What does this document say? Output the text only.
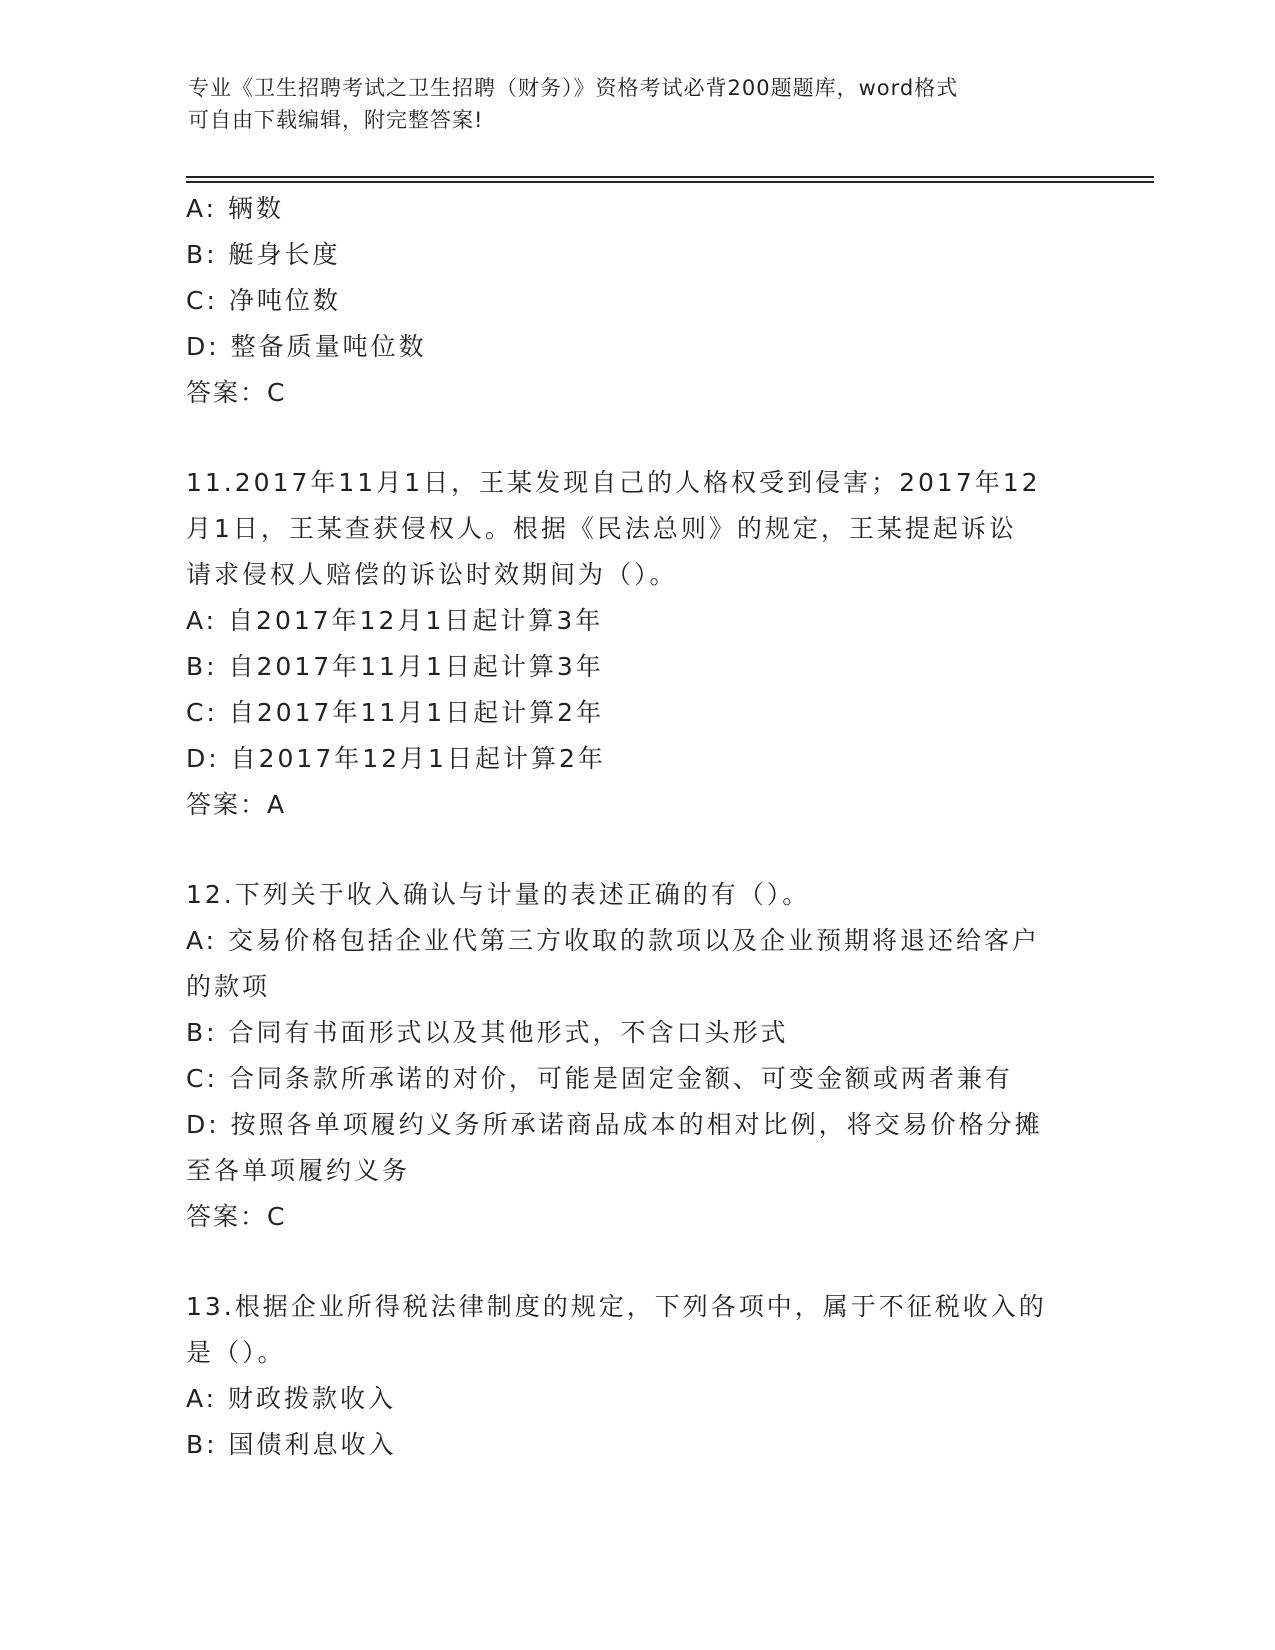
专业《卫生招聘考试之卫生招聘（财务）》资格考试必背200题题库，word格式
可自由下载编辑，附完整答案!
A: 辆数
B: 艇身长度
C: 净吨位数
D: 整备质量吨位数
答案：C
11.2017年11月1日，王某发现自己的人格权受到侵害；2017年12
月1日，王某查获侵权人。根据《民法总则》的规定，王某提起诉讼
请求侵权人赔偿的诉讼时效期间为（）。
A: 自2017年12月1日起计算3年
B: 自2017年11月1日起计算3年
C: 自2017年11月1日起计算2年
D: 自2017年12月1日起计算2年
答案：A
12.下列关于收入确认与计量的表述正确的有（）。
A: 交易价格包括企业代第三方收取的款项以及企业预期将退还给客户
的款项
B: 合同有书面形式以及其他形式，不含口头形式
C: 合同条款所承诺的对价，可能是固定金额、可变金额或两者兼有
D: 按照各单项履约义务所承诺商品成本的相对比例，将交易价格分摊
至各单项履约义务
答案：C
13.根据企业所得税法律制度的规定，下列各项中，属于不征税收入的
是（）。
A: 财政拨款收入
B: 国债利息收入
